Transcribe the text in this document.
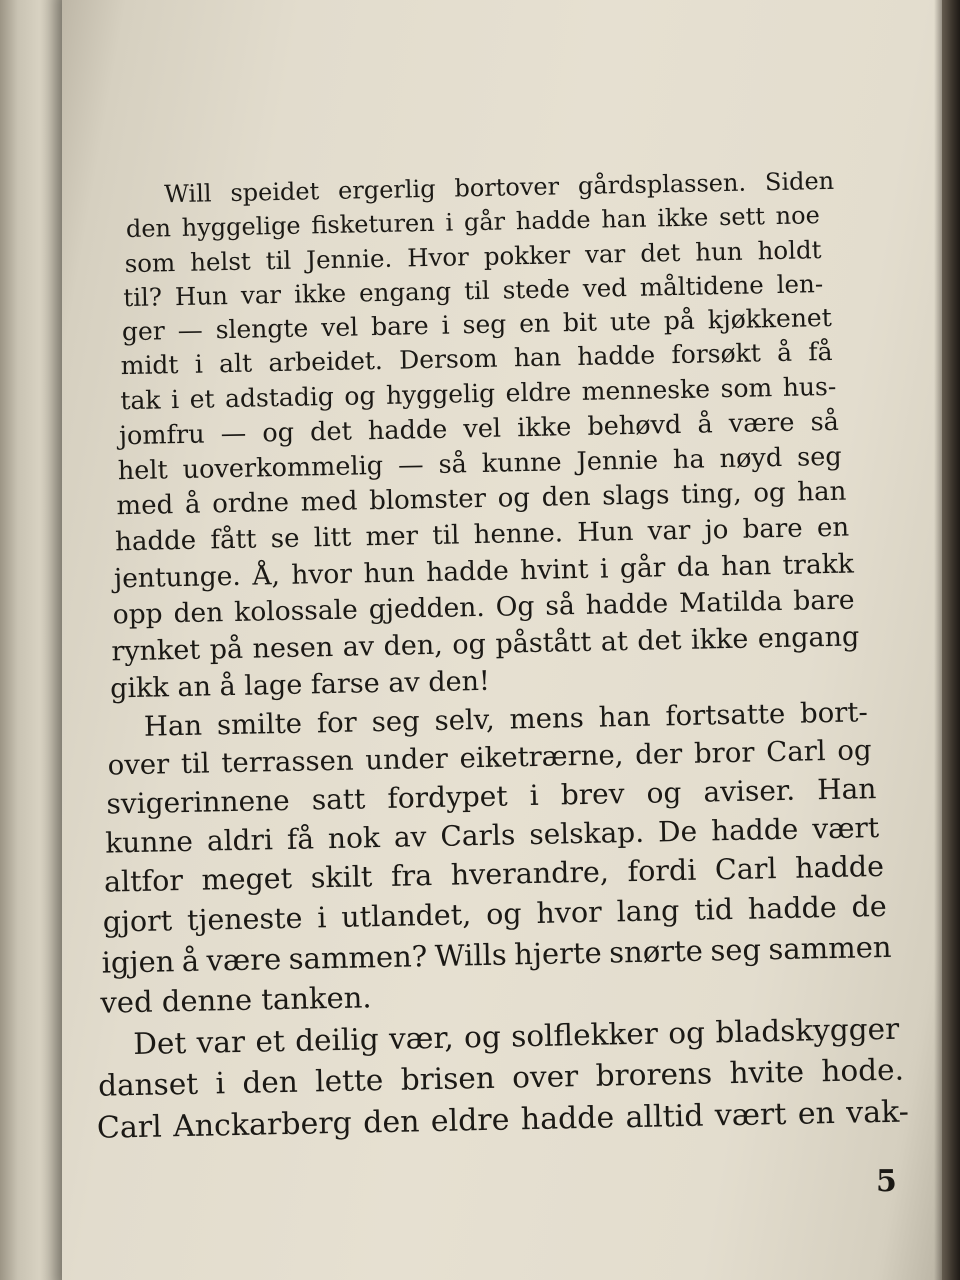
Will speidet ergerlig bortover gårdsplassen. Siden
den hyggelige fisketuren i går hadde han ikke sett noe
som helst til Jennie. Hvor pokker var det hun holdt
til? Hun var ikke engang til stede ved måltidene len-
ger — slengte vel bare i seg en bit ute på kjøkkenet
midt i alt arbeidet. Dersom han hadde forsøkt å få
tak i et adstadig og hyggelig eldre menneske som hus-
jomfru — og det hadde vel ikke behøvd å være så
helt uoverkommelig — så kunne Jennie ha nøyd seg
med å ordne med blomster og den slags ting, og han
hadde fått se litt mer til henne. Hun var jo bare en
jentunge. Å, hvor hun hadde hvint i går da han trakk
opp den kolossale gjedden. Og så hadde Matilda bare
rynket på nesen av den, og påstått at det ikke engang
gikk an å lage farse av den!
Han smilte for seg selv, mens han fortsatte bort-
over til terrassen under eiketrærne, der bror Carl og
svigerinnene satt fordypet i brev og aviser. Han
kunne aldri få nok av Carls selskap. De hadde vært
altfor meget skilt fra hverandre, fordi Carl hadde
gjort tjeneste i utlandet, og hvor lang tid hadde de
igjen å være sammen? Wills hjerte snørte seg sammen
ved denne tanken.
Det var et deilig vær, og solflekker og bladskygger
danset i den lette brisen over brorens hvite hode.
Carl Anckarberg den eldre hadde alltid vært en vak-
5
